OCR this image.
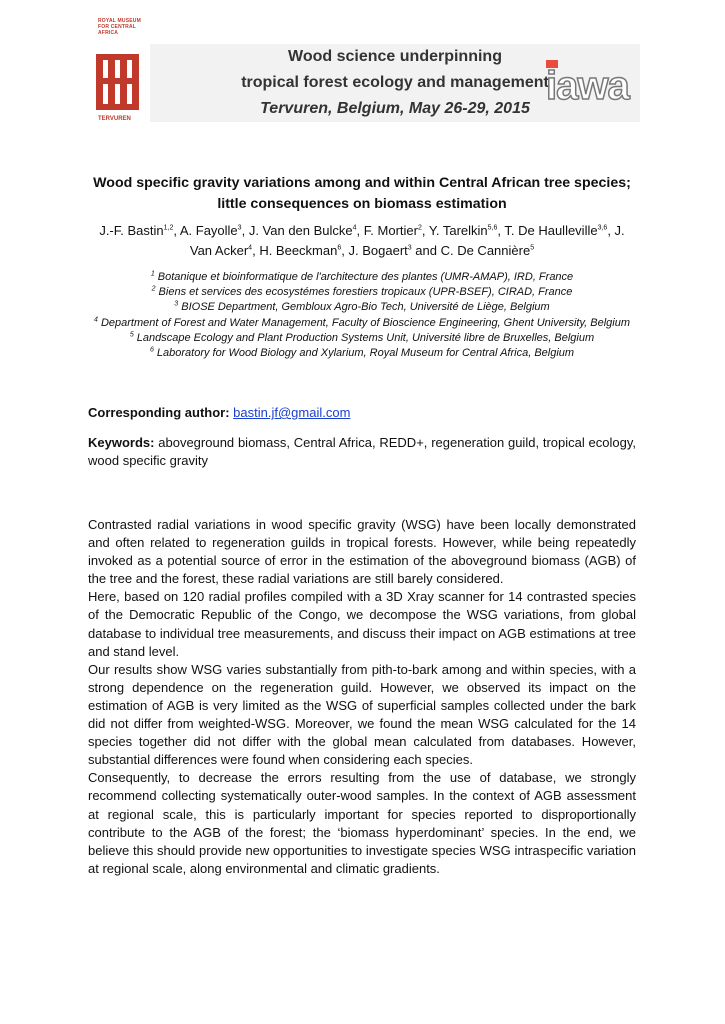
ROYAL MUSEUM FOR CENTRAL AFRICA
TERVUREN
Wood science underpinning
tropical forest ecology and management
Tervuren, Belgium, May 26-29, 2015
iawa
Wood specific gravity variations among and within Central African tree species; little consequences on biomass estimation
J.-F. Bastin$^{1,2}$, A. Fayolle$^3$, J. Van den Bulcke$^4$, F. Mortier$^2$, Y. Tarelkin$^{5,6}$, T. De Haulleville$^{3,6}$, J. Van Acker$^4$, H. Beeckman$^6$, J. Bogaert$^3$ and C. De Cannière$^5$
$^1$ Botanique et bioinformatique de l'architecture des plantes (UMR-AMAP), IRD, France
$^2$ Biens et services des ecosystémes forestiers tropicaux (UPR-BSEF), CIRAD, France
$^3$ BIOSE Department, Gembloux Agro-Bio Tech, Université de Liège, Belgium
$^4$ Department of Forest and Water Management, Faculty of Bioscience Engineering, Ghent University, Belgium
$^5$ Landscape Ecology and Plant Production Systems Unit, Université libre de Bruxelles, Belgium
$^6$ Laboratory for Wood Biology and Xylarium, Royal Museum for Central Africa, Belgium
Corresponding author: bastin.jf@gmail.com
Keywords: aboveground biomass, Central Africa, REDD+, regeneration guild, tropical ecology, wood specific gravity

Contrasted radial variations in wood specific gravity (WSG) have been locally demonstrated and often related to regeneration guilds in tropical forests. However, while being repeatedly invoked as a potential source of error in the estimation of the aboveground biomass (AGB) of the tree and the forest, these radial variations are still barely considered.

Here, based on 120 radial profiles compiled with a 3D Xray scanner for 14 contrasted species of the Democratic Republic of the Congo, we decompose the WSG variations, from global database to individual tree measurements, and discuss their impact on AGB estimations at tree and stand level.

Our results show WSG varies substantially from pith-to-bark among and within species, with a strong dependence on the regeneration guild. However, we observed its impact on the estimation of AGB is very limited as the WSG of superficial samples collected under the bark did not differ from weighted-WSG. Moreover, we found the mean WSG calculated for the 14 species together did not differ with the global mean calculated from databases. However, substantial differences were found when considering each species.

Consequently, to decrease the errors resulting from the use of database, we strongly recommend collecting systematically outer-wood samples. In the context of AGB assessment at regional scale, this is particularly important for species reported to disproportionally contribute to the AGB of the forest; the ‘biomass hyperdominant’ species. In the end, we believe this should provide new opportunities to investigate species WSG intraspecific variation at regional scale, along environmental and climatic gradients.
